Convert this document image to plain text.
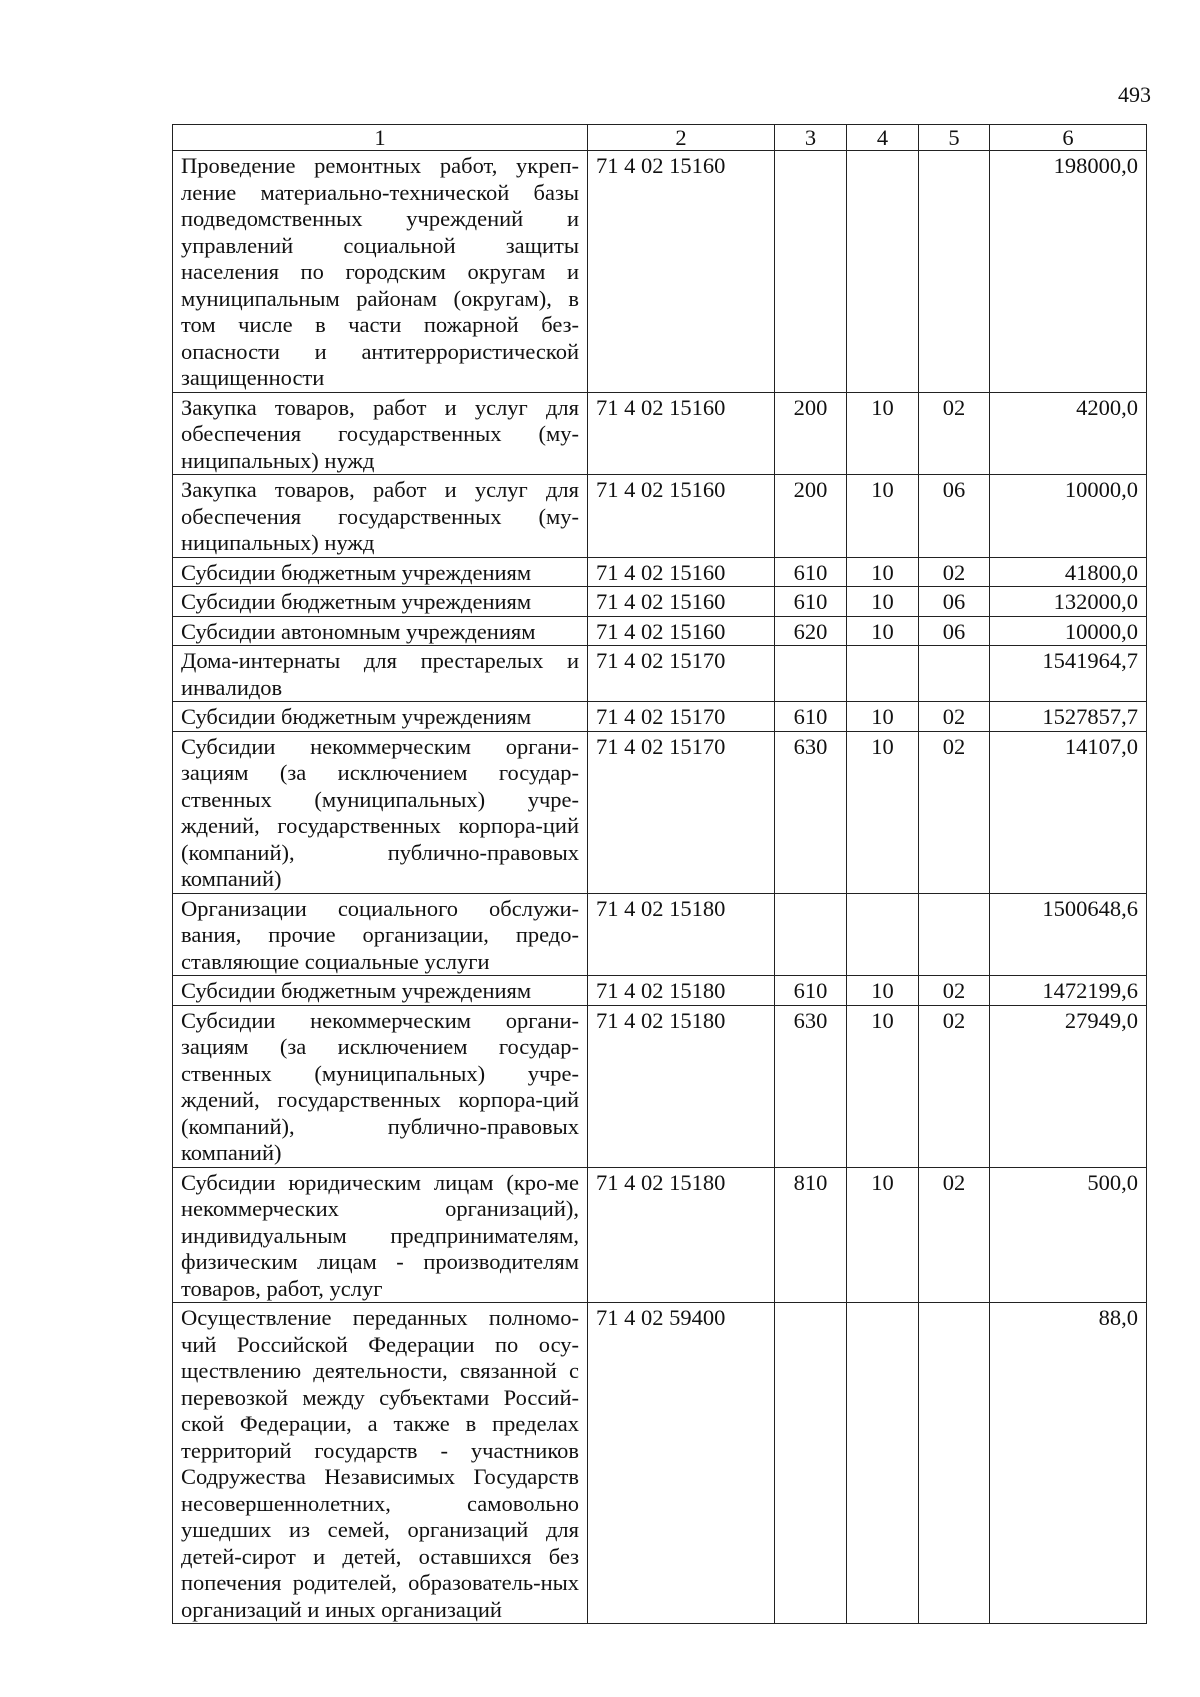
493
1	2	3	4	5	6
Проведение ремонтных работ, укреп-ление материально-технической базы подведомственных учреждений и управлений социальной защиты населения по городским округам и муниципальным районам (округам), в том числе в части пожарной без-опасности и антитеррористической защищенности	71 4 02 15160				198000,0
Закупка товаров, работ и услуг для обеспечения государственных (му-ниципальных) нужд	71 4 02 15160	200	10	02	4200,0
Закупка товаров, работ и услуг для обеспечения государственных (му-ниципальных) нужд	71 4 02 15160	200	10	06	10000,0
Субсидии бюджетным учреждениям	71 4 02 15160	610	10	02	41800,0
Субсидии бюджетным учреждениям	71 4 02 15160	610	10	06	132000,0
Субсидии автономным учреждениям	71 4 02 15160	620	10	06	10000,0
Дома-интернаты для престарелых и инвалидов	71 4 02 15170				1541964,7
Субсидии бюджетным учреждениям	71 4 02 15170	610	10	02	1527857,7
Субсидии некоммерческим органи-зациям (за исключением государ-ственных (муниципальных) учре-ждений, государственных корпора-ций (компаний), публично-правовых компаний)	71 4 02 15170	630	10	02	14107,0
Организации социального обслужи-вания, прочие организации, предо-ставляющие социальные услуги	71 4 02 15180				1500648,6
Субсидии бюджетным учреждениям	71 4 02 15180	610	10	02	1472199,6
Субсидии некоммерческим органи-зациям (за исключением государ-ственных (муниципальных) учре-ждений, государственных корпора-ций (компаний), публично-правовых компаний)	71 4 02 15180	630	10	02	27949,0
Субсидии юридическим лицам (кро-ме некоммерческих организаций), индивидуальным предпринимателям, физическим лицам - производителям товаров, работ, услуг	71 4 02 15180	810	10	02	500,0
Осуществление переданных полномо-чий Российской Федерации по осу-ществлению деятельности, связанной с перевозкой между субъектами Россий-ской Федерации, а также в пределах территорий государств - участников Содружества Независимых Государств несовершеннолетних, самовольно ушедших из семей, организаций для детей-сирот и детей, оставшихся без попечения родителей, образователь-ных организаций и иных организаций	71 4 02 59400				88,0
